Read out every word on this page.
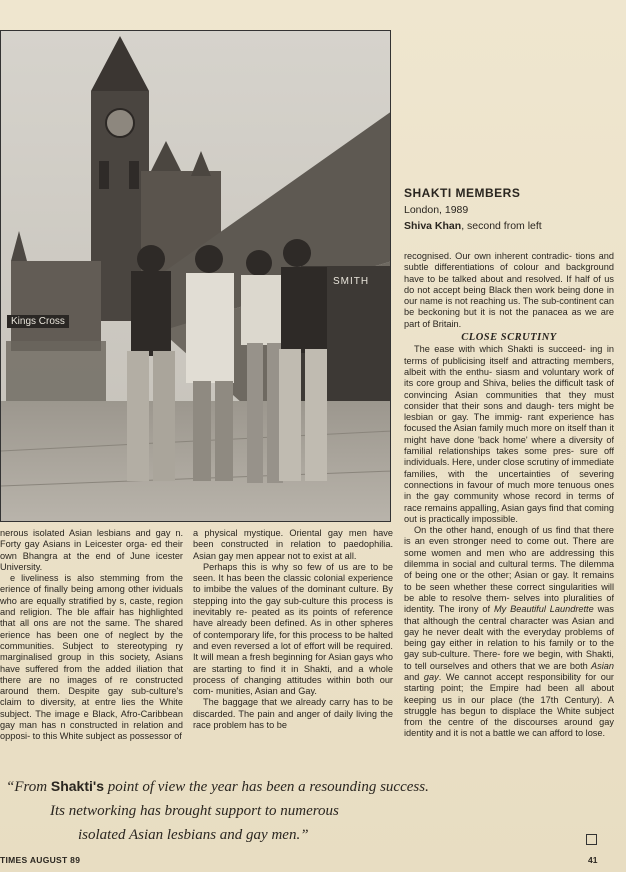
Kings Cross
SMITH
SHAKTI MEMBERS
London, 1989
Shiva Khan, second from left

nerous isolated Asian lesbians and gay n. Forty gay Asians in Leicester orga- ed their own Bhangra at the end of June icester University.

e liveliness is also stemming from the erience of finally being among other ividuals who are equally stratified by s, caste, region and religion. The ble affair has highlighted that all ons are not the same. The shared erience has been one of neglect by the communities. Subject to stereotyping ry marginalised group in this society, Asians have suffered from the added iliation that there are no images of re constructed around them. Despite gay sub-culture's claim to diversity, at entre lies the White subject. The image e Black, Afro-Caribbean gay man has n constructed in relation and opposi- to this White subject as possessor of

a physical mystique. Oriental gay men have been constructed in relation to paedophilia. Asian gay men appear not to exist at all.

Perhaps this is why so few of us are to be seen. It has been the classic colonial experience to imbibe the values of the dominant culture. By stepping into the gay sub-culture this process is inevitably re- peated as its points of reference have already been defined. As in other spheres of contemporary life, for this process to be halted and even reversed a lot of effort will be required. It will mean a fresh beginning for Asian gays who are starting to find it in Shakti, and a whole process of changing attitudes within both our com- munities, Asian and Gay.

The baggage that we already carry has to be discarded. The pain and anger of daily living the race problem has to be

recognised. Our own inherent contradic- tions and subtle differentiations of colour and background have to be talked about and resolved. If half of us do not accept being Black then work being done in our name is not reaching us. The sub-continent can be beckoning but it is not the panacea as we are part of Britain.

CLOSE SCRUTINY

The ease with which Shakti is succeed- ing in terms of publicising itself and attracting members, albeit with the enthu- siasm and voluntary work of its core group and Shiva, belies the difficult task of convincing Asian communities that they must consider that their sons and daugh- ters might be lesbian or gay. The immig- rant experience has focused the Asian family much more on itself than it might have done 'back home' where a diversity of familial relationships takes some pres- sure off individuals. Here, under close scrutiny of immediate families, with the uncertainties of severing connections in favour of much more tenuous ones in the gay community whose record in terms of race remains appalling, Asian gays find that coming out is practically impossible.

On the other hand, enough of us find that there is an even stronger need to come out. There are some women and men who are addressing this dilemma in social and cultural terms. The dilemma of being one or the other; Asian or gay. It remains to be seen whether these correct singularities will be able to resolve them- selves into pluralities of identity. The irony of My Beautiful Laundrette was that although the central character was Asian and gay he never dealt with the everyday problems of being gay either in relation to his family or to the gay sub-culture. There- fore we begin, with Shakti, to tell ourselves and others that we are both Asian and gay. We cannot accept responsibility for our starting point; the Empire had been all about keeping us in our place (the 17th Century). A struggle has begun to displace the White subject from the centre of the discourses around gay identity and it is not a battle we can afford to lose.

“From Shakti's point of view the year has been a resounding success.
Its networking has brought support to numerous
isolated Asian lesbians and gay men.”
TIMES AUGUST 89	41
